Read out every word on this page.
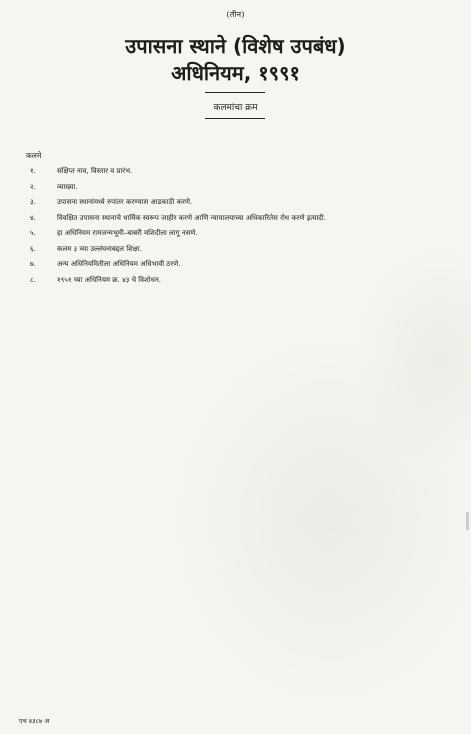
(तीन)
उपासना स्थाने (विशेष उपबंध)
अधिनियम, १९९१
कलमांचा क्रम
कलमे
१.	संक्षिप्त नाव, विस्तार व प्रारंभ.
२.	व्याख्या.
३.	उपासना स्थानांमध्ये रुपांतर करण्यास आडकाठी करणे.
४.	विवक्षित उपासना स्थानाचे धार्मिक स्वरूप जाहीर करणे आणि न्यायालयाच्या अधिकारितेस रोध करणे इत्यादी.
५.	हा अधिनियम रामजन्मभूमी–बाबरी मशिदीला लागू नसणे.
६.	कलम ३ च्या उल्लंघनाबद्दल शिक्षा.
७.	अन्य अधिनियमितीला अधिनियम अधिभावी ठरणे.
८.	१९५१ च्या अधिनियम क्र. ४३ चे विशोधन.
एच ४३८७ अ
